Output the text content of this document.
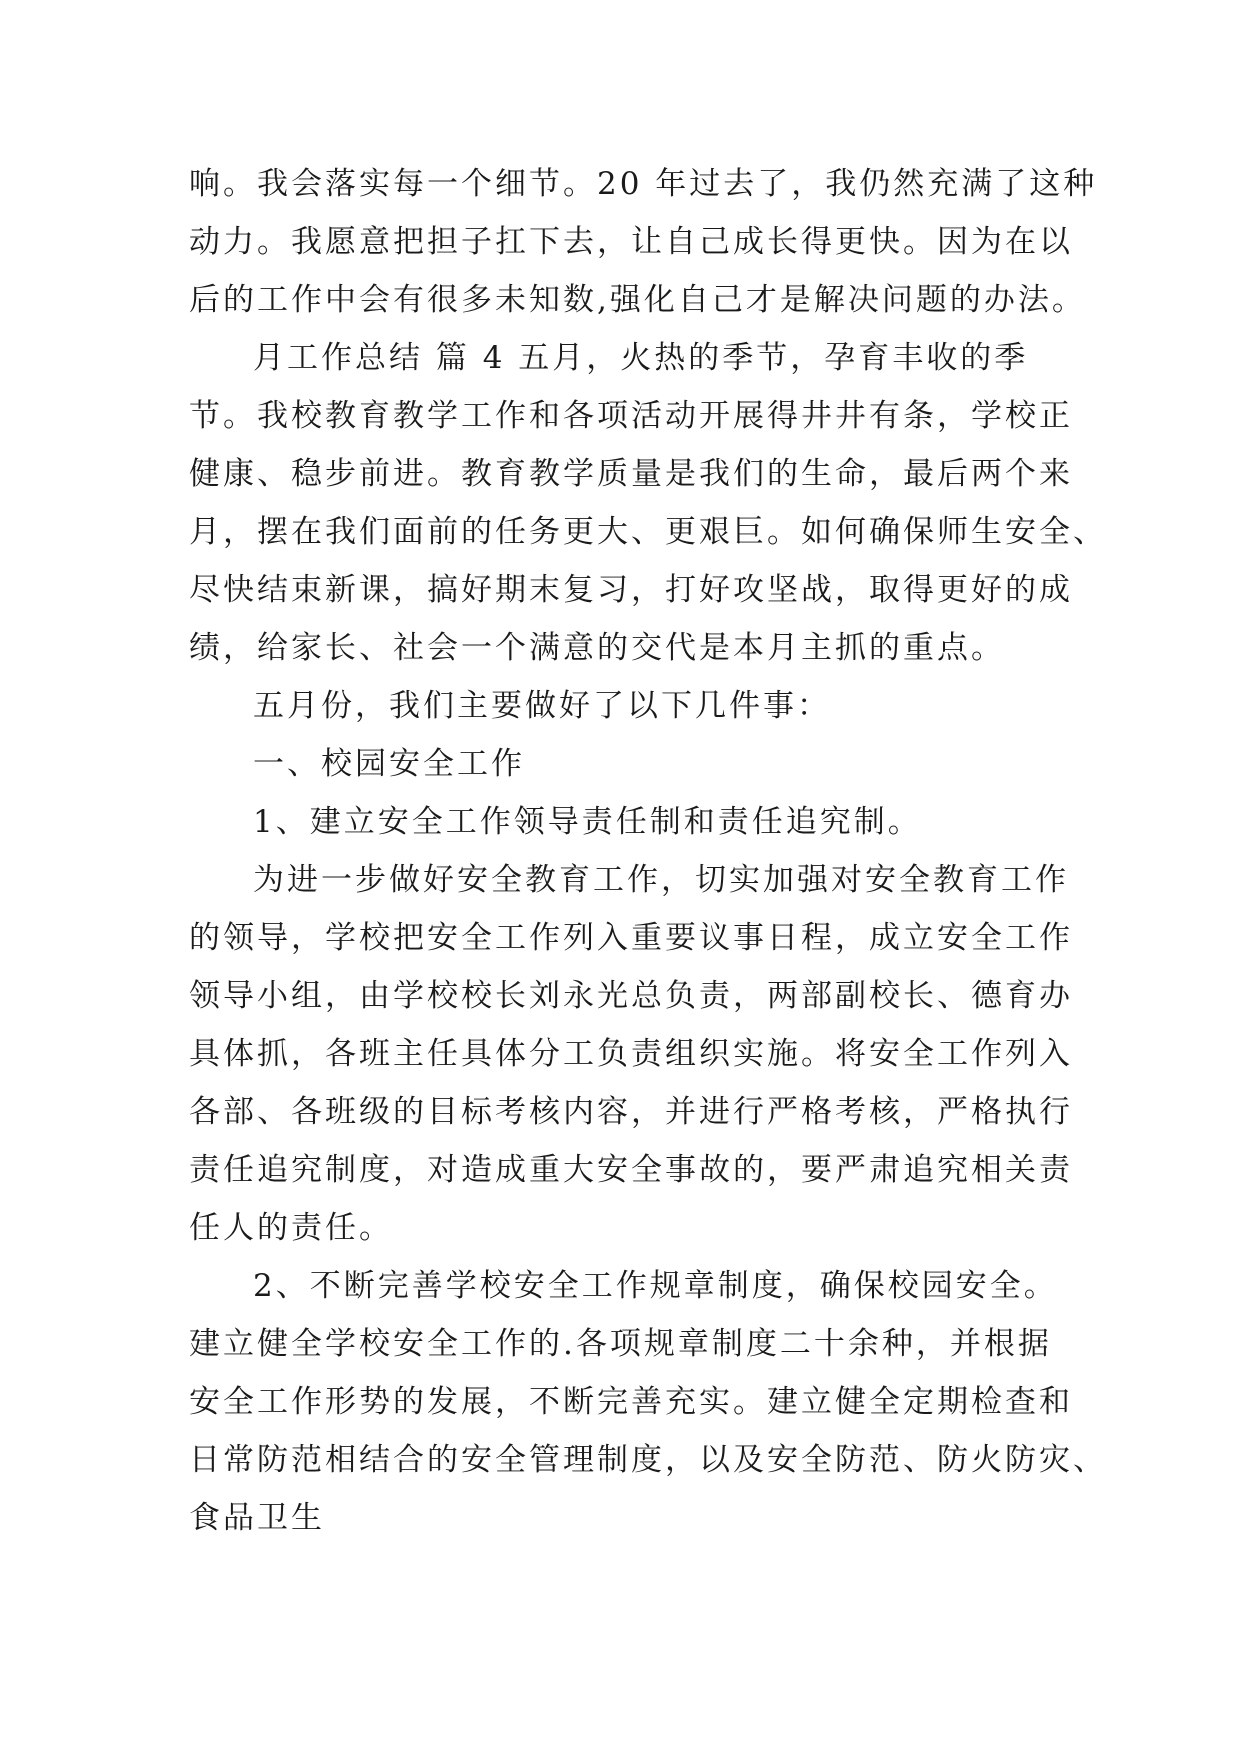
响。我会落实每一个细节。20 年过去了，我仍然充满了这种
动力。我愿意把担子扛下去，让自己成长得更快。因为在以
后的工作中会有很多未知数,强化自己才是解决问题的办法。
月工作总结 篇 4 五月，火热的季节，孕育丰收的季
节。我校教育教学工作和各项活动开展得井井有条，学校正
健康、稳步前进。教育教学质量是我们的生命，最后两个来
月，摆在我们面前的任务更大、更艰巨。如何确保师生安全、
尽快结束新课，搞好期末复习，打好攻坚战，取得更好的成
绩，给家长、社会一个满意的交代是本月主抓的重点。
五月份，我们主要做好了以下几件事：
一、校园安全工作
1、建立安全工作领导责任制和责任追究制。
为进一步做好安全教育工作，切实加强对安全教育工作
的领导，学校把安全工作列入重要议事日程，成立安全工作
领导小组，由学校校长刘永光总负责，两部副校长、德育办
具体抓，各班主任具体分工负责组织实施。将安全工作列入
各部、各班级的目标考核内容，并进行严格考核，严格执行
责任追究制度，对造成重大安全事故的，要严肃追究相关责
任人的责任。
2、不断完善学校安全工作规章制度，确保校园安全。
建立健全学校安全工作的.各项规章制度二十余种，并根据
安全工作形势的发展，不断完善充实。建立健全定期检查和
日常防范相结合的安全管理制度，以及安全防范、防火防灾、
食品卫生
